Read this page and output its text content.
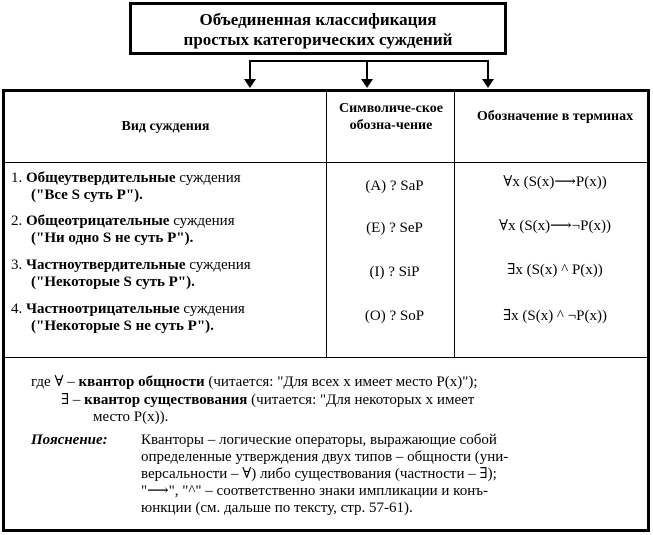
Объединенная классификация
простых категорических суждений
Вид суждения
Символиче-ское обозна-чение
Обозначение в терминах
1. Общеутвердительные суждения
("Все S суть P").
(A) ? SaP	∀x (S(x)⟶P(x))
2. Общеотрицательные суждения
("Ни одно S не суть P").
(E) ? SeP	∀x (S(x)⟶¬P(x))
3. Частноутвердительные суждения
("Некоторые S суть P").
(I) ? SiP	∃x (S(x) ^ P(x))
4. Частноотрицательные суждения
("Некоторые S не суть P").
(O) ? SoP	∃x (S(x) ^ ¬P(x))
где ∀ – квантор общности (читается: "Для всех x имеет место P(x)");
∃ – квантор существования (читается: "Для некоторых x имеет
место P(x)).
Пояснение: Кванторы – логические операторы, выражающие собой
определенные утверждения двух типов – общности (уни-
версальности – ∀) либо существования (частности – ∃);
"⟶", "^" – соответственно знаки импликации и конъ-
юнкции (см. дальше по тексту, стр. 57-61).
